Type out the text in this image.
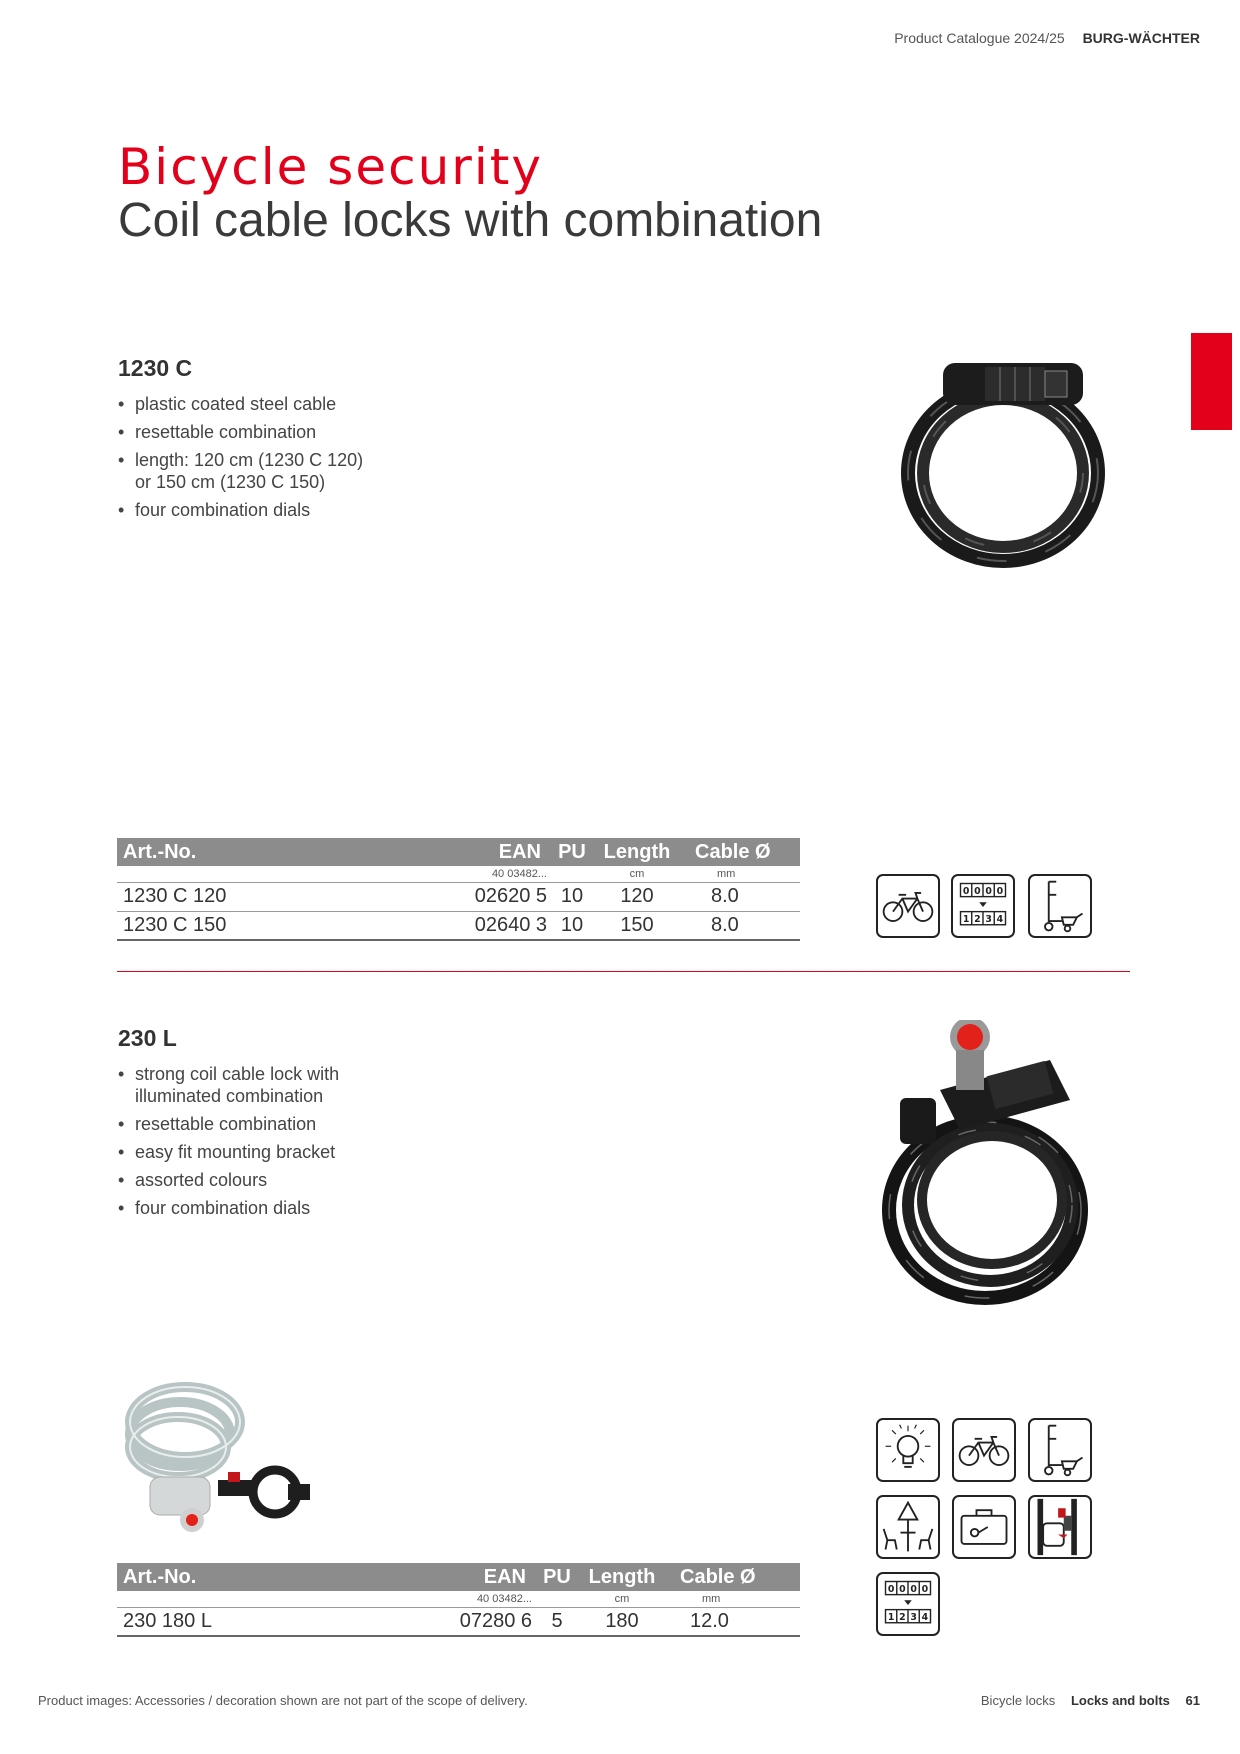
Product Catalogue 2024/25 BURG-WÄCHTER
Bicycle security
Coil cable locks with combination
1230 C
• plastic coated steel cable
• resettable combination
• length: 120 cm (1230 C 120)
or 150 cm (1230 C 150)
• four combination dials
Art.-No.	EAN	PU	Length	Cable Ø
	40 03482...		cm	mm
1230 C 120	02620 5	10	120	8.0
1230 C 150	02640 3	10	150	8.0
0 0 0 0
1 2 3 4
230 L
• strong coil cable lock with
illuminated combination
• resettable combination
• easy fit mounting bracket
• assorted colours
• four combination dials
Art.-No.	EAN	PU	Length	Cable Ø
	40 03482...		cm	mm
230 180 L	07280 6	5	180	12.0
0 0 0 0
1 2 3 4
Product images: Accessories / decoration shown are not part of the scope of delivery.	Bicycle locks Locks and bolts 61
